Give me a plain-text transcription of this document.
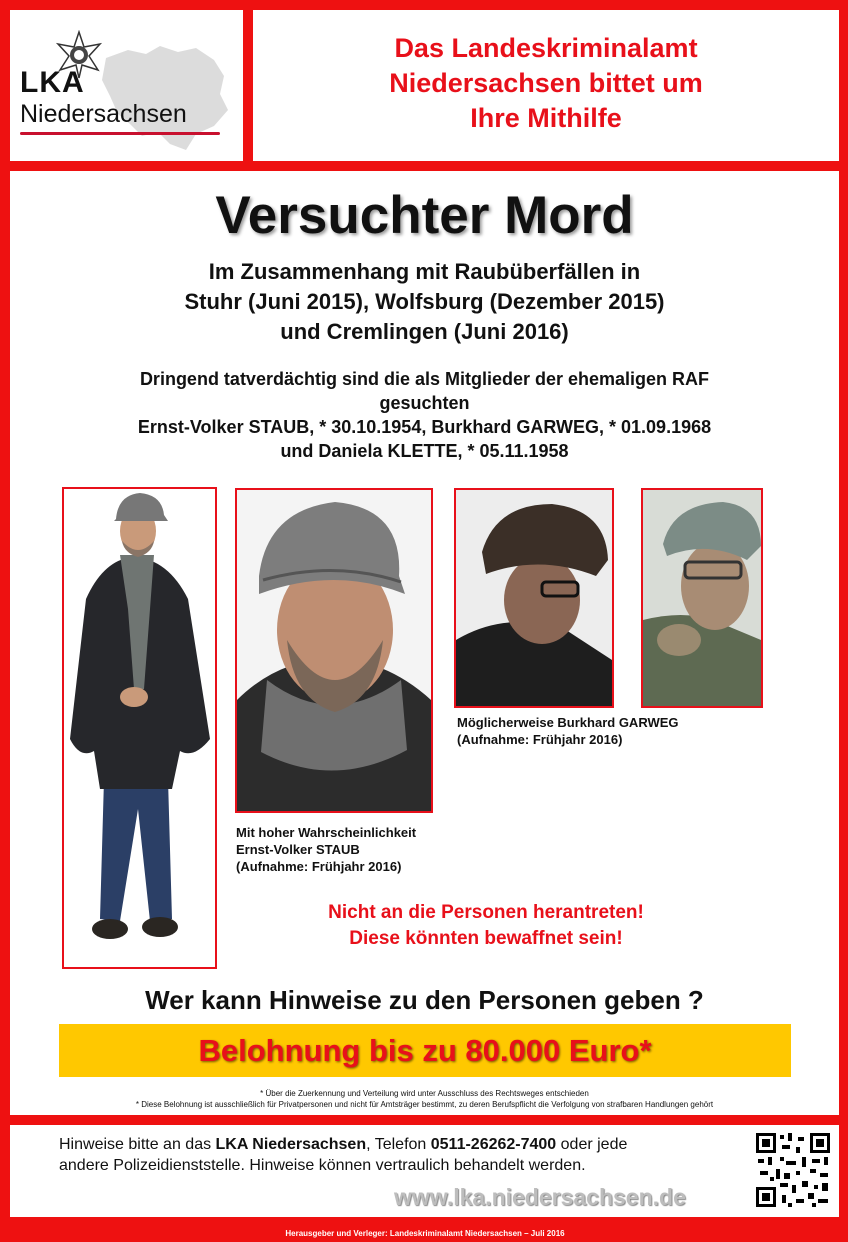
LKA
Niedersachsen
Das Landeskriminalamt
Niedersachsen bittet um
Ihre Mithilfe
Versuchter Mord
Im Zusammenhang mit Raubüberfällen in
Stuhr (Juni 2015), Wolfsburg (Dezember 2015)
und Cremlingen (Juni 2016)
Dringend tatverdächtig sind die als Mitglieder der ehemaligen RAF
gesuchten
Ernst-Volker STAUB, * 30.10.1954, Burkhard GARWEG, * 01.09.1968
und Daniela KLETTE, * 05.11.1958
Möglicherweise Burkhard GARWEG
(Aufnahme: Frühjahr 2016)
Mit hoher Wahrscheinlichkeit
Ernst-Volker STAUB
(Aufnahme: Frühjahr 2016)
Nicht an die Personen herantreten!
Diese könnten bewaffnet sein!
Wer kann Hinweise zu den Personen geben ?
Belohnung bis zu 80.000 Euro*
* Über die Zuerkennung und Verteilung wird unter Ausschluss des Rechtsweges entschieden
* Diese Belohnung ist ausschließlich für Privatpersonen und nicht für Amtsträger bestimmt, zu deren Berufspflicht die Verfolgung von strafbaren Handlungen gehört
Hinweise bitte an das LKA Niedersachsen, Telefon 0511-26262-7400 oder jede
andere Polizeidienststelle. Hinweise können vertraulich behandelt werden.
www.lka.niedersachsen.de
Herausgeber und Verleger: Landeskriminalamt Niedersachsen – Juli 2016
